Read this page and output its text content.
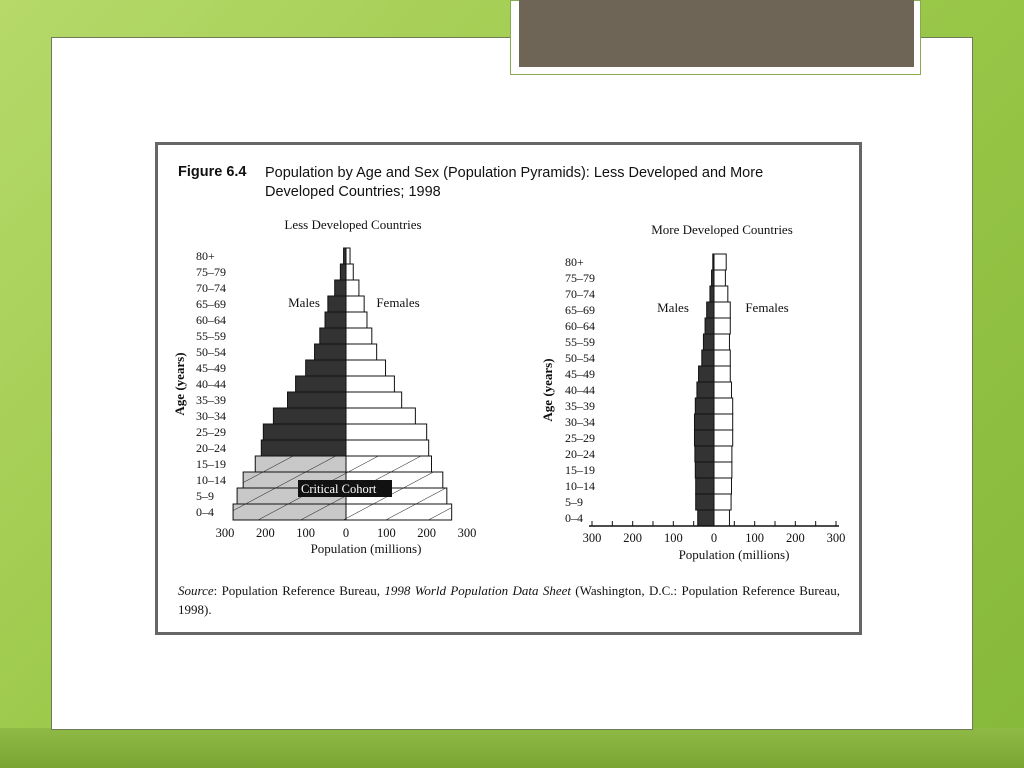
Figure 6.4 Population by Age and Sex (Population Pyramids): Less Developed and More Developed Countries; 1998
0–4
5–9
10–14
15–19
20–24
25–29
30–34
35–39
40–44
45–49
50–54
55–59
60–64
65–69
70–74
75–79
80+
Critical Cohort
300 200 100 0 100 200 300
Less Developed Countries
Population (millions)
Age (years)
Males	Females
0–4
5–9
10–14
15–19
20–24
25–29
30–34
35–39
40–44
45–49
50–54
55–59
60–64
65–69
70–74
75–79
80+
300 200 100 0 100 200 300
More Developed Countries
Population (millions)
Age (years)
Males	Females
Source: Population Reference Bureau, 1998 World Population Data Sheet (Washington, D.C.: Population Reference Bureau, 1998).
